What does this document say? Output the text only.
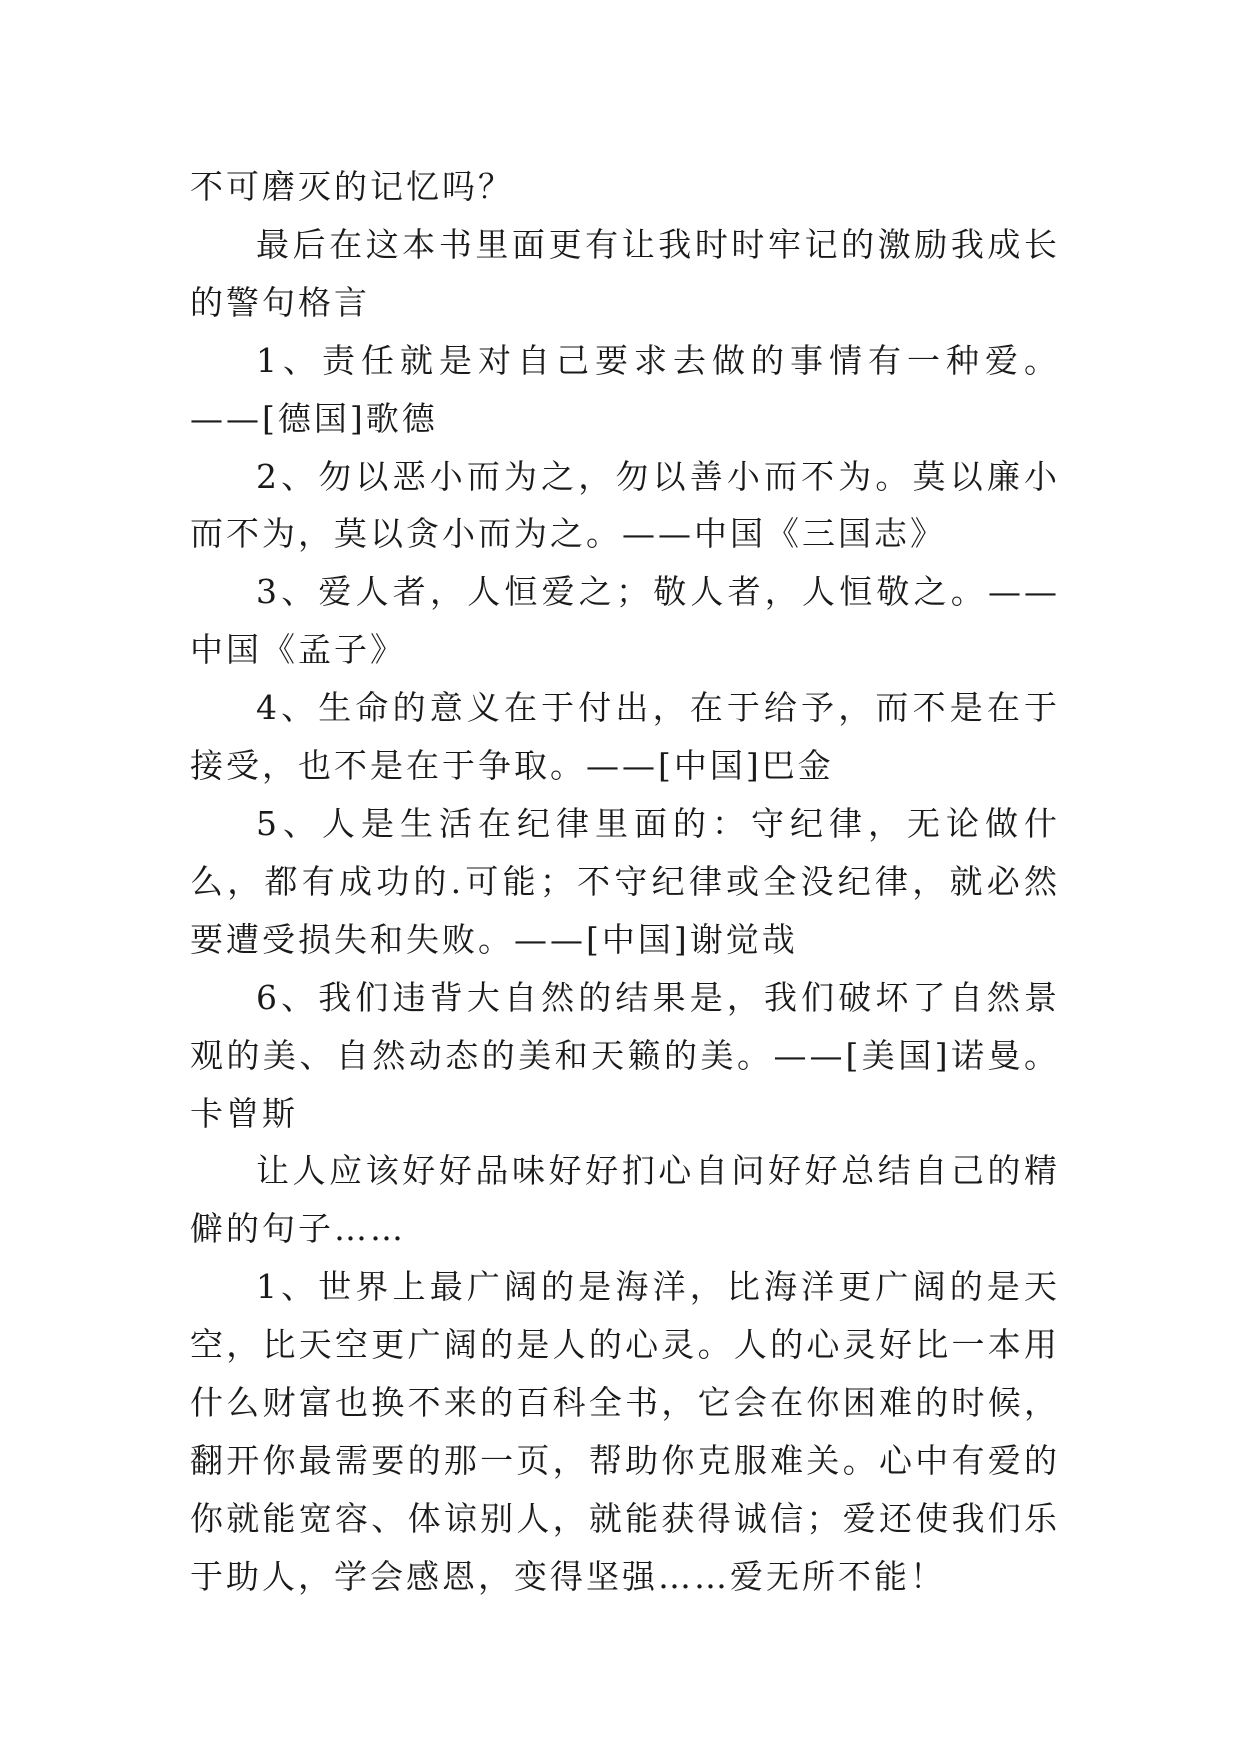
不可磨灭的记忆吗？

最后在这本书里面更有让我时时牢记的激励我成长的警句格言

1、责任就是对自己要求去做的事情有一种爱。——[德国]歌德

2、勿以恶小而为之，勿以善小而不为。莫以廉小而不为，莫以贪小而为之。——中国《三国志》

3、爱人者，人恒爱之；敬人者，人恒敬之。——中国《孟子》

4、生命的意义在于付出，在于给予，而不是在于接受，也不是在于争取。——[中国]巴金

5、人是生活在纪律里面的：守纪律，无论做什么，都有成功的.可能；不守纪律或全没纪律，就必然要遭受损失和失败。——[中国]谢觉哉

6、我们违背大自然的结果是，我们破坏了自然景观的美、自然动态的美和天籁的美。——[美国]诺曼。卡曾斯

让人应该好好品味好好扪心自问好好总结自己的精僻的句子……

1、世界上最广阔的是海洋，比海洋更广阔的是天空，比天空更广阔的是人的心灵。人的心灵好比一本用什么财富也换不来的百科全书，它会在你困难的时候，翻开你最需要的那一页，帮助你克服难关。心中有爱的你就能宽容、体谅别人，就能获得诚信；爱还使我们乐于助人，学会感恩，变得坚强……爱无所不能！
